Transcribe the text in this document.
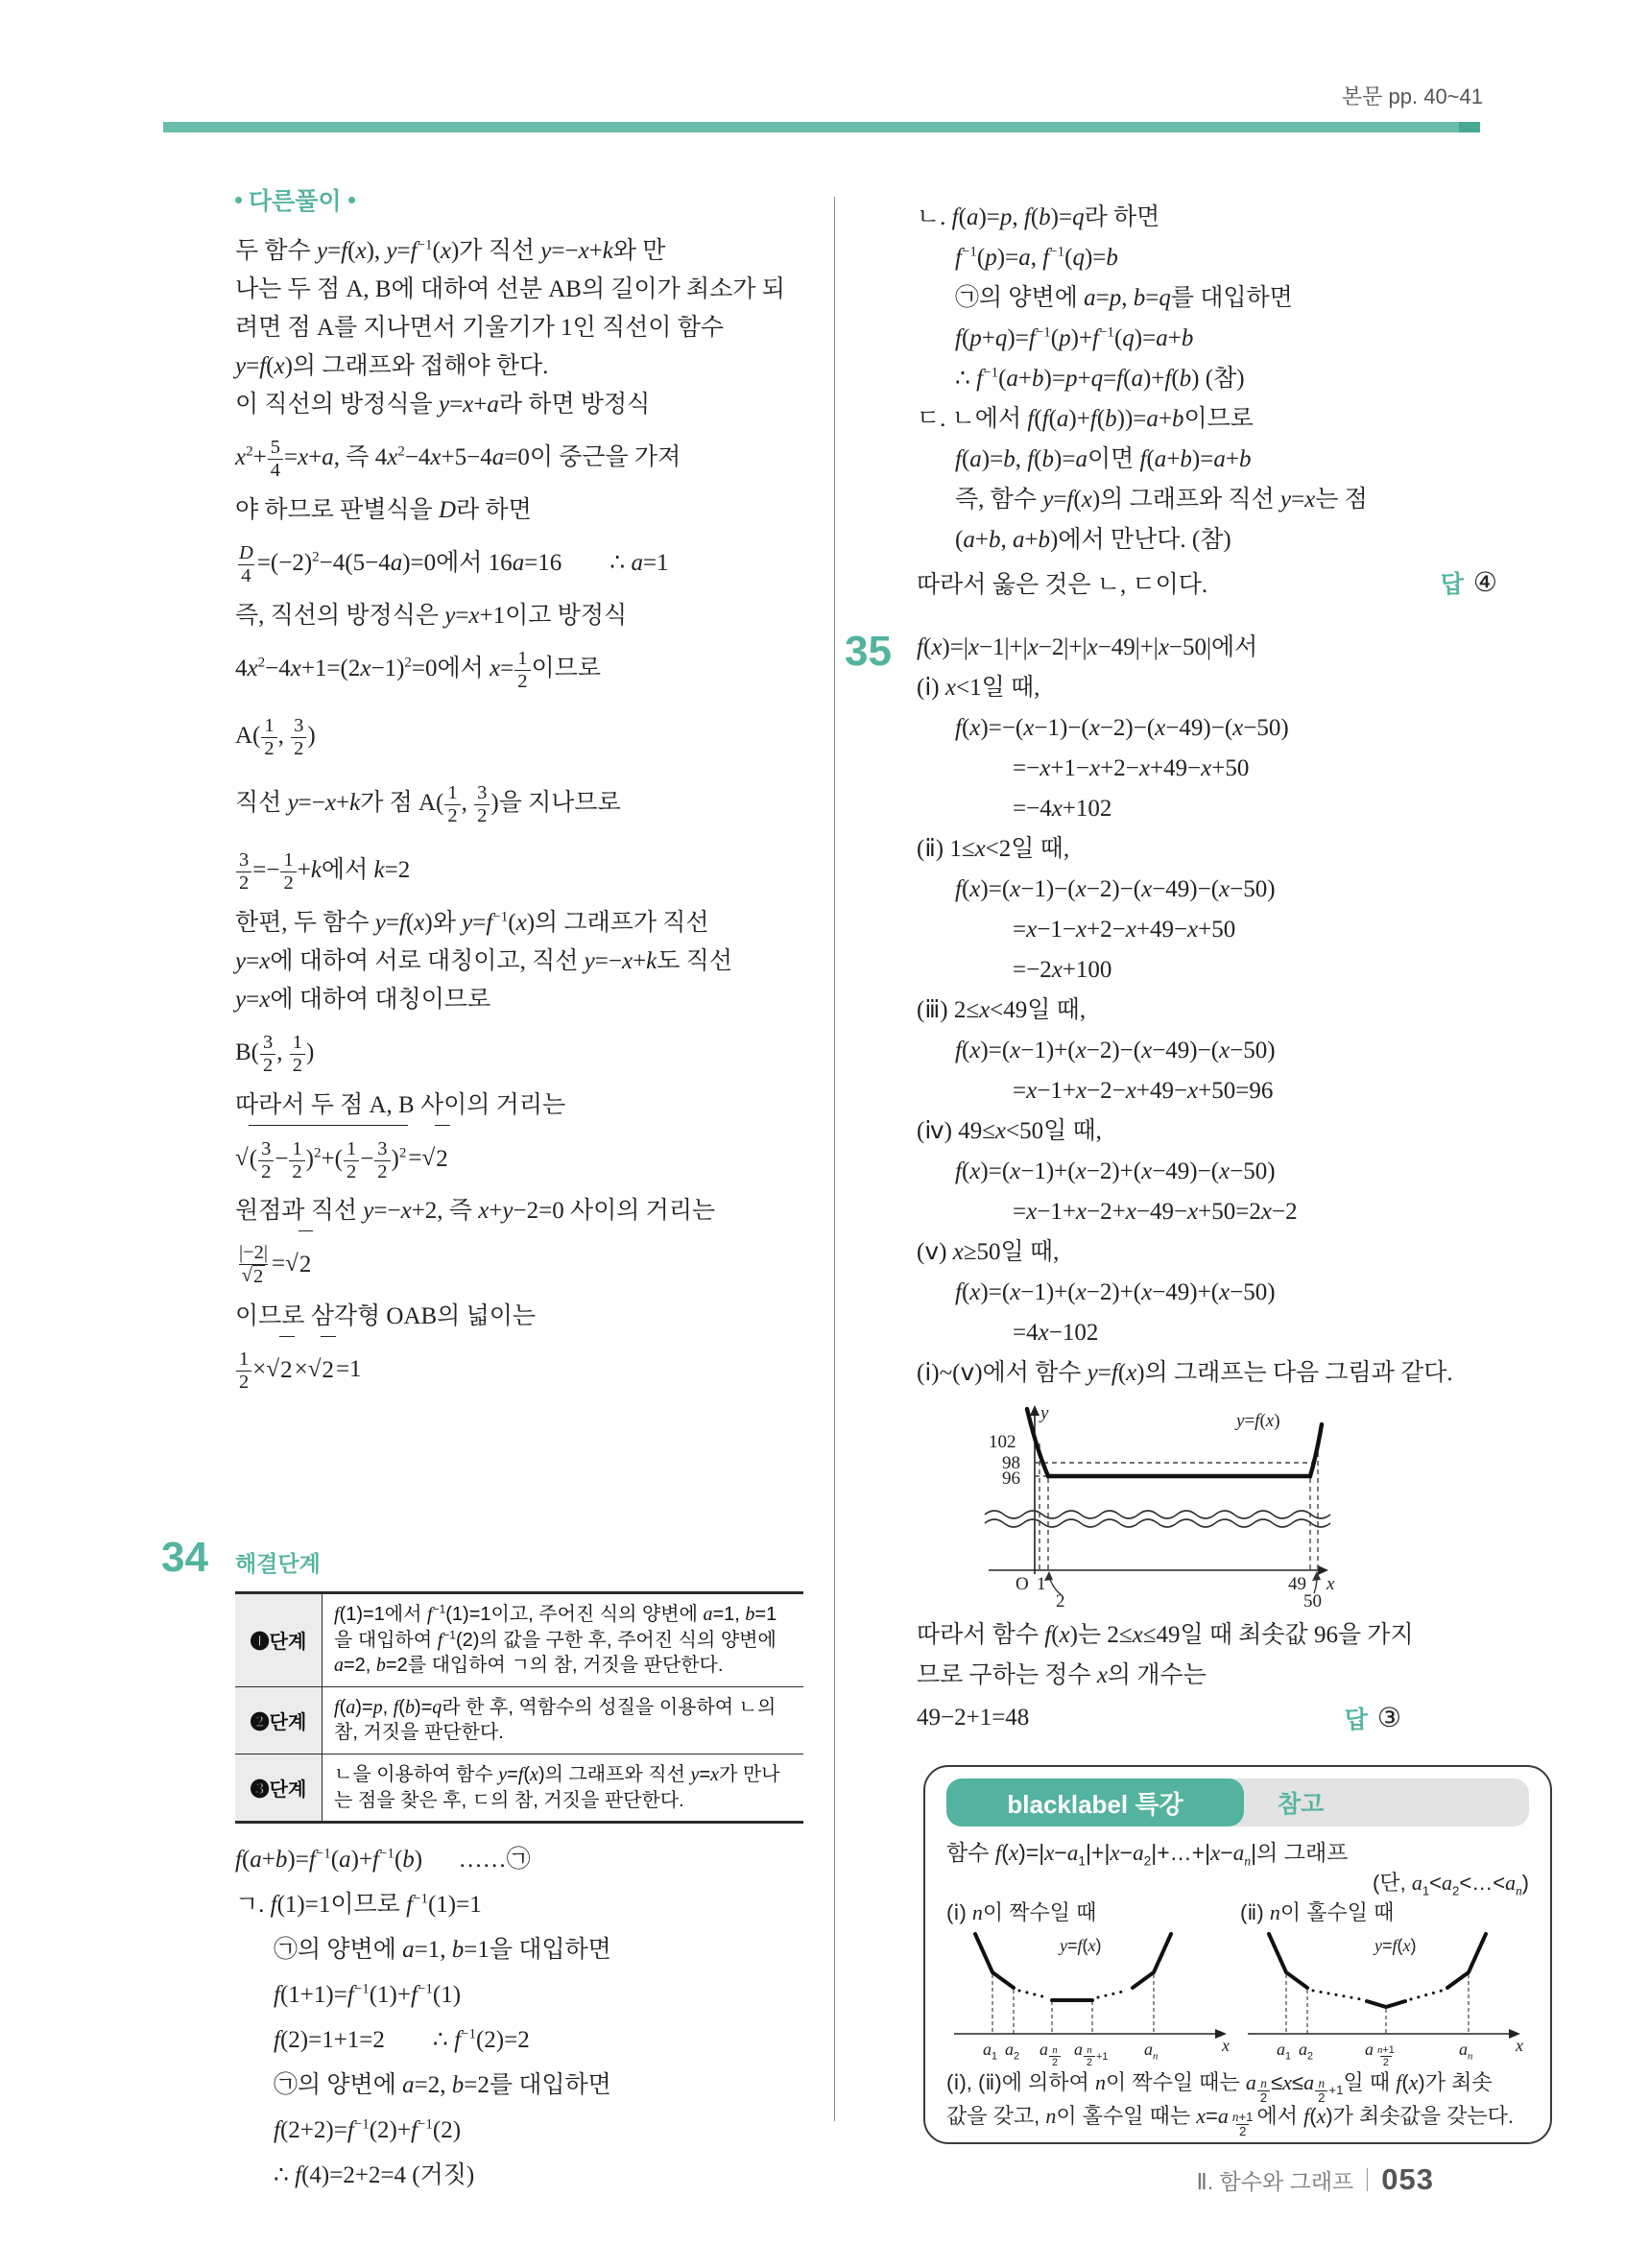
본문 pp. 40~41
다른풀이
두 함수 y=f(x), $y=f^{-1}(x)$가 직선 y=−x+k와 만
나는 두 점 A, B에 대하여 선분 AB의 길이가 최소가 되
려면 점 A를 지나면서 기울기가 1인 직선이 함수
y=f(x)의 그래프와 접해야 한다.
이 직선의 방정식을 y=x+a라 하면 방정식
$x^2+ \frac{5}{4} =x+a$, 즉 $4x^2-4x+5-4a=0$이 중근을 가져
야 하므로 판별식을 D라 하면
$\frac{D}{4} =(-2)^2-4(5-4a)=0$에서 16a=16  ∴ a=1
즉, 직선의 방정식은 y=x+1이고 방정식
$4x^2-4x+1=(2x-1)^2=0$에서 $x= \frac{1}{2}$ 이므로
$A( \frac{1}{2}$ , $\frac{3}{2}$ )
직선 y=−x+k가 점 $A( \frac{1}{2}$ , $\frac{3}{2}$ )을 지나므로
$\frac{3}{2} =- \frac{1}{2} +k$에서 k=2
한편, 두 함수 y=f(x)와 $y=f^{-1}(x)$의 그래프가 직선
y=x에 대하여 서로 대칭이고, 직선 y=−x+k도 직선
y=x에 대하여 대칭이므로
$B( \frac{3}{2}$ , $\frac{1}{2}$ )
따라서 두 점 A, B 사이의 거리는
√ ( $\frac{3}{2} - \frac{1}{2} )^2+( \frac{1}{2} - \frac{3}{2} )^2$ =√ 2
원점과 직선 y=−x+2, 즉 x+y−2=0 사이의 거리는
$\frac{|-2|}{√ 2}$ =√ 2
이므로 삼각형 OAB의 넓이는
$\frac{1}{2}$ ×√ 2 ×√ 2 =1
34 해결단계
❶단계	f(1)=1에서 $f^{-1}(1)=1$이고, 주어진 식의 양변에 a=1, b=1을 대입하여 $f^{-1}(2)$의 값을 구한 후, 주어진 식의 양변에 a=2, b=2를 대입하여 ㄱ의 참, 거짓을 판단한다.
❷단계	f(a)=p, f(b)=q라 한 후, 역함수의 성질을 이용하여 ㄴ의 참, 거짓을 판단한다.
❸단계	ㄴ을 이용하여 함수 y=f(x)의 그래프와 직선 y=x가 만나는 점을 찾은 후, ㄷ의 참, 거짓을 판단한다.
$f(a+b)=f^{-1}(a)+f^{-1}(b)$  ……㉠
ㄱ. f(1)=1이므로 $f^{-1}(1)=1$
㉠의 양변에 a=1, b=1을 대입하면
$f(1+1)=f^{-1}(1)+f^{-1}(1)$
f(2)=1+1=2  ∴ $f^{-1}(2)=2$
㉠의 양변에 a=2, b=2를 대입하면
$f(2+2)=f^{-1}(2)+f^{-1}(2)$
∴ f(4)=2+2=4 (거짓)
ㄴ. f(a)=p, f(b)=q라 하면
$f^{-1}(p)=a$, $f^{-1}(q)=b$
㉠의 양변에 a=p, b=q를 대입하면
$f(p+q)=f^{-1}(p)+f^{-1}(q)=a+b$
∴ $f^{-1}(a+b)=p+q=f(a)+f(b)$ (참)
ㄷ. ㄴ에서 f(f(a)+f(b))=a+b이므로
f(a)=b, f(b)=a이면 f(a+b)=a+b
즉, 함수 y=f(x)의 그래프와 직선 y=x는 점
(a+b, a+b)에서 만난다. (참)
따라서 옳은 것은 ㄴ, ㄷ이다.	답 ④
35 f(x)=|x−1|+|x−2|+|x−49|+|x−50|에서
(ⅰ) x<1일 때,
f(x)=−(x−1)−(x−2)−(x−49)−(x−50)
=−x+1−x+2−x+49−x+50
=−4x+102
(ⅱ) 1≤x<2일 때,
f(x)=(x−1)−(x−2)−(x−49)−(x−50)
=x−1−x+2−x+49−x+50
=−2x+100
(ⅲ) 2≤x<49일 때,
f(x)=(x−1)+(x−2)−(x−49)−(x−50)
=x−1+x−2−x+49−x+50=96
(ⅳ) 49≤x<50일 때,
f(x)=(x−1)+(x−2)+(x−49)−(x−50)
=x−1+x−2+x−49−x+50=2x−2
(ⅴ) x≥50일 때,
f(x)=(x−1)+(x−2)+(x−49)+(x−50)
=4x−102
(ⅰ)~(ⅴ)에서 함수 y=f(x)의 그래프는 다음 그림과 같다.
y
102
98
96
y=f(x)
O 1
2
49
50
x
따라서 함수 f(x)는 2≤x≤49일 때 최솟값 96을 가지
므로 구하는 정수 x의 개수는
49−2+1=48	답 ③
blacklabel 특강	참고
함수 $f(x)=|x-a_1|+|x-a_2|+\dots+|x-a_n|$의 그래프
(단, $a_1<a_2<\dots<a_n$)
(ⅰ) n이 짝수일 때
y=f(x)
$a_1$ $a_2$ a $_{\frac{n}{2}}$ a $_{\frac{n}{2} +1}$ $a_n$
x
(ⅱ) n이 홀수일 때
y=f(x)
$a_1$ $a_2$	a $_{\frac{n+1}{2}}$	$a_n$
x
(ⅰ), (ⅱ)에 의하여 n이 짝수일 때는 a $_{\frac{n}{2}}$ ≤x≤a $_{\frac{n}{2} +1}$일 때 f(x)가 최솟
값을 갖고, n이 홀수일 때는 x=a $_{\frac{n+1}{2}}$ 에서 f(x)가 최솟값을 갖는다.
Ⅱ. 함수와 그래프 053
